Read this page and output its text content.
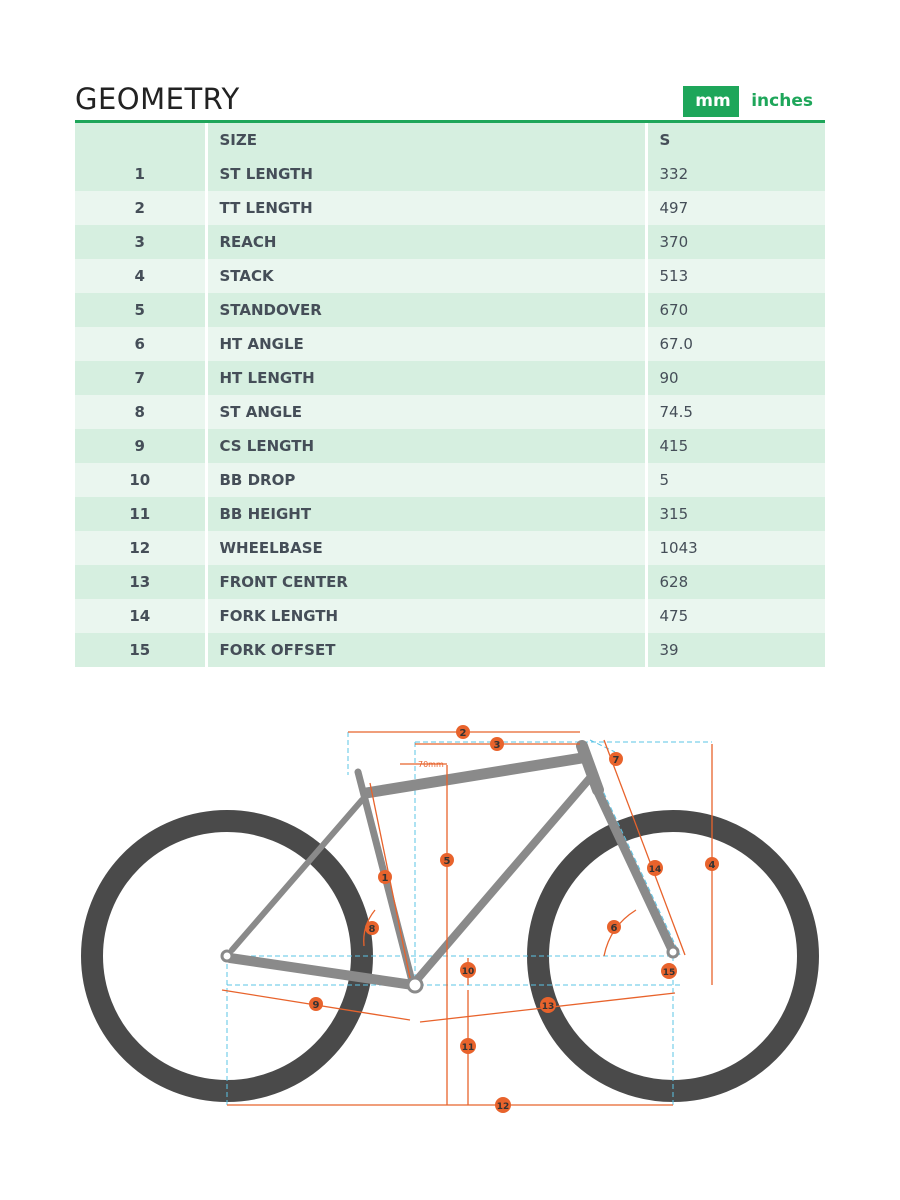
GEOMETRY	mm	inches
	SIZE	S
1	ST LENGTH	332
2	TT LENGTH	497
3	REACH	370
4	STACK	513
5	STANDOVER	670
6	HT ANGLE	67.0
7	HT LENGTH	90
8	ST ANGLE	74.5
9	CS LENGTH	415
10	BB DROP	5
11	BB HEIGHT	315
12	WHEELBASE	1043
13	FRONT CENTER	628
14	FORK LENGTH	475
15	FORK OFFSET	39
70mm
1
2
3
4
5
6
7
8
9
10
11
12
13
14
15
